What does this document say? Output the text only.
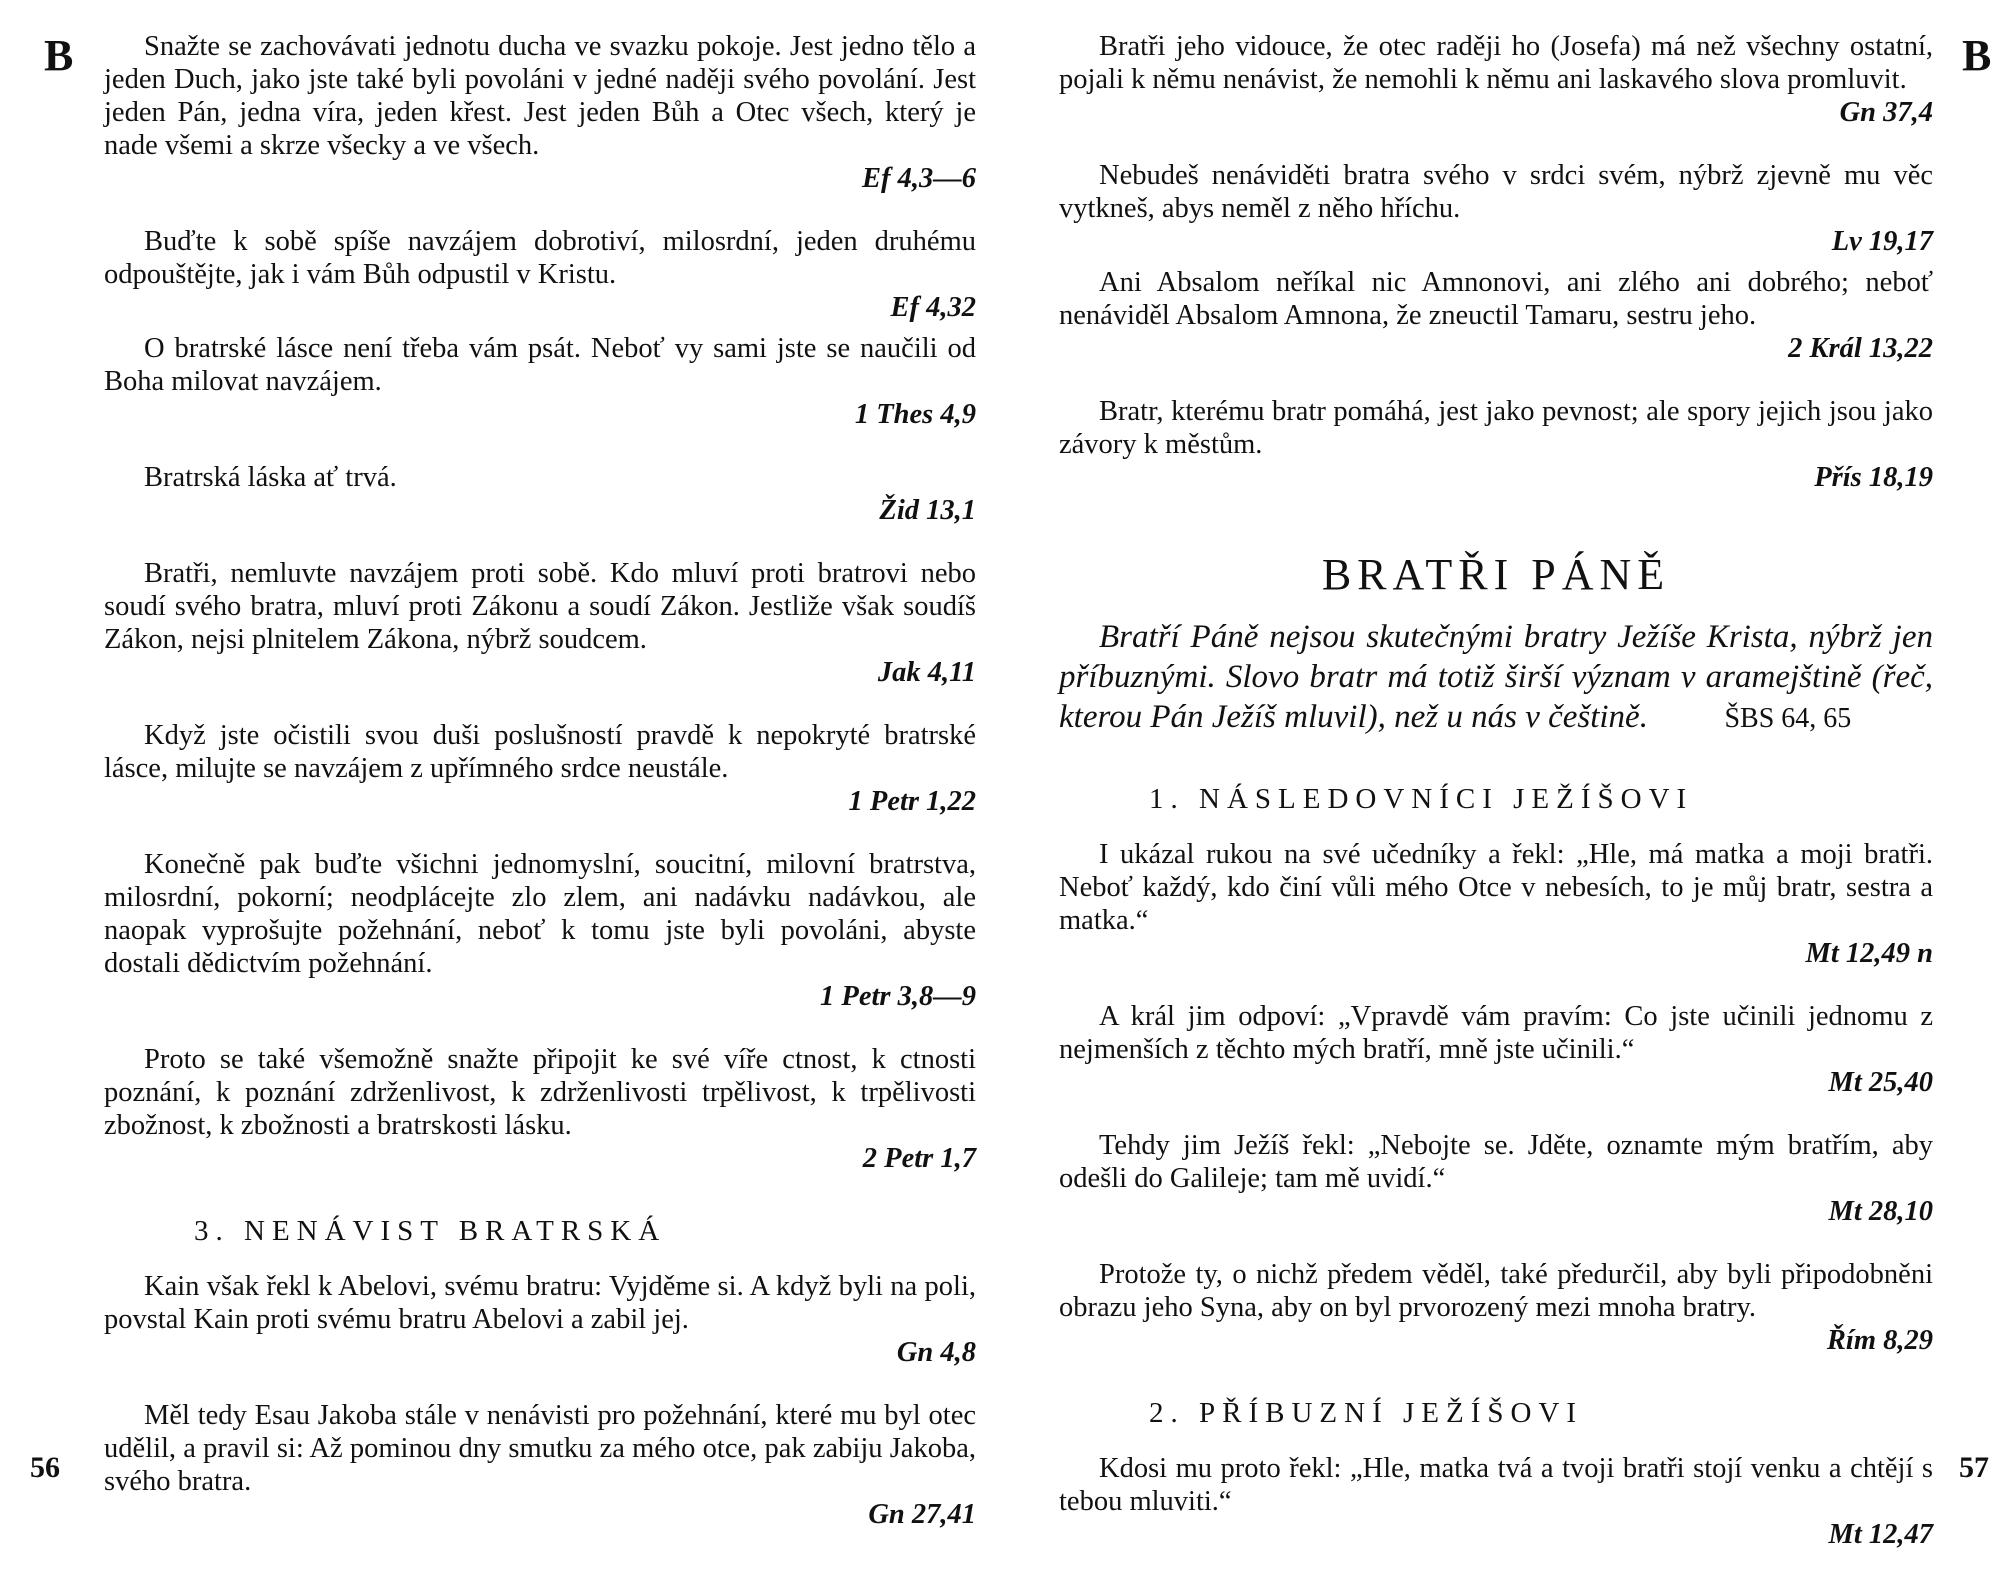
B	Snažte se zachovávati jednotu ducha ve svazku pokoje. Jest jedno tělo a jeden Duch, jako jste také byli povoláni v jedné naději svého povolání. Jest jeden Pán, jedna víra, jeden křest. Jest jeden Bůh a Otec všech, který je nade všemi a skrze všecky a ve všech.
Ef 4,3—6
Buďte k sobě spíše navzájem dobrotiví, milosrdní, jeden druhému odpouštějte, jak i vám Bůh odpustil v Kristu.
Ef 4,32
O bratrské lásce není třeba vám psát. Neboť vy sami jste se naučili od Boha milovat navzájem.
1 Thes 4,9
Bratrská láska ať trvá.
Žid 13,1
Bratři, nemluvte navzájem proti sobě. Kdo mluví proti bratrovi nebo soudí svého bratra, mluví proti Zákonu a soudí Zákon. Jestliže však soudíš Zákon, nejsi plnitelem Zákona, nýbrž soudcem.
Jak 4,11
Když jste očistili svou duši poslušností pravdě k nepokryté bratrské lásce, milujte se navzájem z upřímného srdce neustále.
1 Petr 1,22
Konečně pak buďte všichni jednomyslní, soucitní, milovní bratrstva, milosrdní, pokorní; neodplácejte zlo zlem, ani nadávku nadávkou, ale naopak vyprošujte požehnání, neboť k tomu jste byli povoláni, abyste dostali dědictvím požehnání.
1 Petr 3,8—9
Proto se také všemožně snažte připojit ke své víře ctnost, k ctnosti poznání, k poznání zdrženlivost, k zdrženlivosti trpělivost, k trpělivosti zbožnost, k zbožnosti a bratrskosti lásku.
2 Petr 1,7
3. NENÁVIST BRATRSKÁ
Kain však řekl k Abelovi, svému bratru: Vyjděme si. A když byli na poli, povstal Kain proti svému bratru Abelovi a zabil jej.
Gn 4,8
Měl tedy Esau Jakoba stále v nenávisti pro požehnání, které mu byl otec udělil, a pravil si: Až pominou dny smutku za mého otce, pak zabiju Jakoba, svého bratra.
Gn 27,41
56
B
Bratři jeho vidouce, že otec raději ho (Josefa) má než všechny ostatní, pojali k němu nenávist, že nemohli k němu ani laskavého slova promluvit.
Gn 37,4
Nebudeš nenáviděti bratra svého v srdci svém, nýbrž zjevně mu věc vytkneš, abys neměl z něho hříchu.
Lv 19,17
Ani Absalom neříkal nic Amnonovi, ani zlého ani dobrého; neboť nenáviděl Absalom Amnona, že zneuctil Tamaru, sestru jeho.
2 Král 13,22
Bratr, kterému bratr pomáhá, jest jako pevnost; ale spory jejich jsou jako závory k městům.
Přís 18,19
BRATŘI PÁNĚ
Bratří Páně nejsou skutečnými bratry Ježíše Krista, nýbrž jen příbuznými. Slovo bratr má totiž širší význam v aramejštině (řeč, kterou Pán Ježíš mluvil), než u nás v češtině.	ŠBS 64, 65
1. NÁSLEDOVNÍCI JEŽÍŠOVI
I ukázal rukou na své učedníky a řekl: „Hle, má matka a moji bratři. Neboť každý, kdo činí vůli mého Otce v nebesích, to je můj bratr, sestra a matka.“
Mt 12,49 n
A král jim odpoví: „Vpravdě vám pravím: Co jste učinili jednomu z nejmenších z těchto mých bratří, mně jste učinili.“
Mt 25,40
Tehdy jim Ježíš řekl: „Nebojte se. Jděte, oznamte mým bratřím, aby odešli do Galileje; tam mě uvidí.“
Mt 28,10
Protože ty, o nichž předem věděl, také předurčil, aby byli připodobněni obrazu jeho Syna, aby on byl prvorozený mezi mnoha bratry.
Řím 8,29
2. PŘÍBUZNÍ JEŽÍŠOVI
Kdosi mu proto řekl: „Hle, matka tvá a tvoji bratři stojí venku a chtějí s tebou mluviti.“
Mt 12,47
57
